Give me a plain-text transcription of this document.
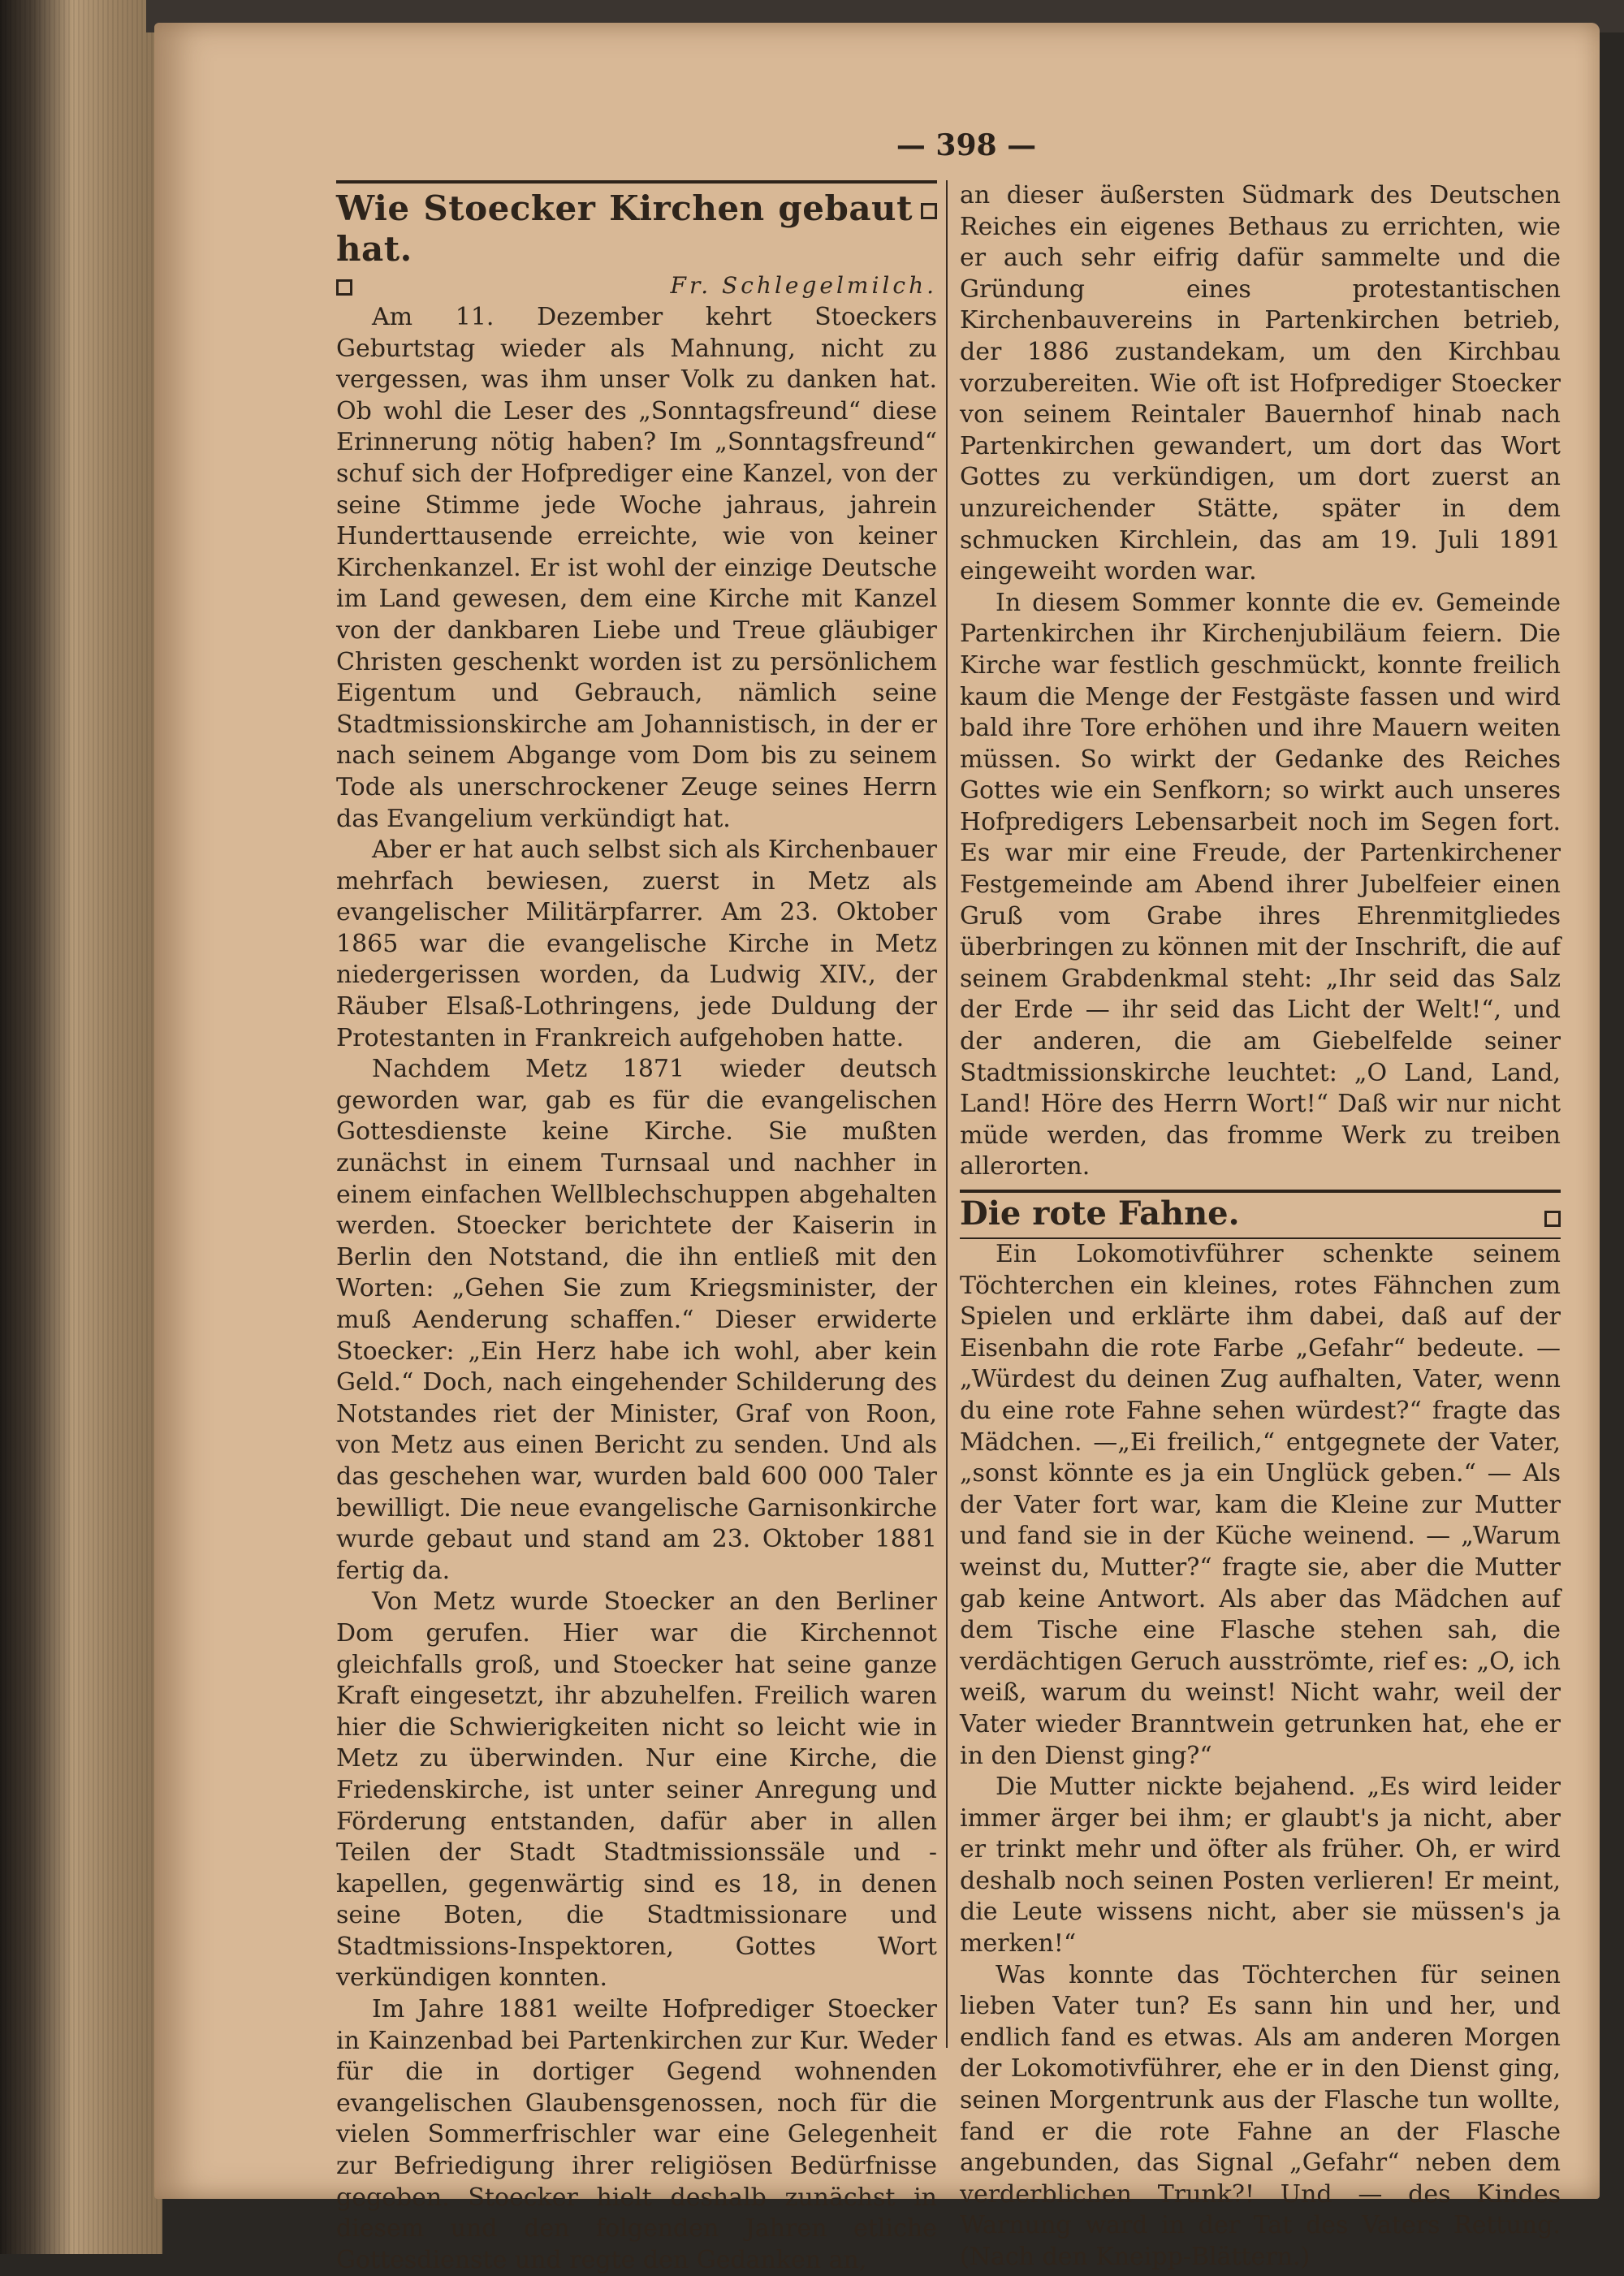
— 398 —
Wie Stoecker Kirchen gebaut hat.
Fr. Schlegelmilch.

Am 11. Dezember kehrt Stoeckers Geburtstag wieder als Mahnung, nicht zu vergessen, was ihm unser Volk zu danken hat. Ob wohl die Leser des „Sonntagsfreund“ diese Erinnerung nötig haben? Im „Sonntagsfreund“ schuf sich der Hofprediger eine Kanzel, von der seine Stimme jede Woche jahraus, jahrein Hunderttausende erreichte, wie von keiner Kirchenkanzel. Er ist wohl der einzige Deutsche im Land gewesen, dem eine Kirche mit Kanzel von der dankbaren Liebe und Treue gläubiger Christen geschenkt worden ist zu persönlichem Eigentum und Gebrauch, nämlich seine Stadtmissionskirche am Johannistisch, in der er nach seinem Abgange vom Dom bis zu seinem Tode als unerschrockener Zeuge seines Herrn das Evangelium verkündigt hat.

Aber er hat auch selbst sich als Kirchenbauer mehrfach bewiesen, zuerst in Metz als evangelischer Militärpfarrer. Am 23. Oktober 1865 war die evangelische Kirche in Metz niedergerissen worden, da Ludwig XIV., der Räuber Elsaß-Lothringens, jede Duldung der Protestanten in Frankreich aufgehoben hatte.

Nachdem Metz 1871 wieder deutsch geworden war, gab es für die evangelischen Gottesdienste keine Kirche. Sie mußten zunächst in einem Turnsaal und nachher in einem einfachen Wellblechschuppen abgehalten werden. Stoecker berichtete der Kaiserin in Berlin den Notstand, die ihn entließ mit den Worten: „Gehen Sie zum Kriegsminister, der muß Aenderung schaffen.“ Dieser erwiderte Stoecker: „Ein Herz habe ich wohl, aber kein Geld.“ Doch, nach eingehender Schilderung des Notstandes riet der Minister, Graf von Roon, von Metz aus einen Bericht zu senden. Und als das geschehen war, wurden bald 600 000 Taler bewilligt. Die neue evangelische Garnisonkirche wurde gebaut und stand am 23. Oktober 1881 fertig da.

Von Metz wurde Stoecker an den Berliner Dom gerufen. Hier war die Kirchennot gleichfalls groß, und Stoecker hat seine ganze Kraft eingesetzt, ihr abzuhelfen. Freilich waren hier die Schwierigkeiten nicht so leicht wie in Metz zu überwinden. Nur eine Kirche, die Friedenskirche, ist unter seiner Anregung und Förderung entstanden, dafür aber in allen Teilen der Stadt Stadtmissionssäle und -kapellen, gegenwärtig sind es 18, in denen seine Boten, die Stadtmissionare und Stadtmissions-Inspektoren, Gottes Wort verkündigen konnten.

Im Jahre 1881 weilte Hofprediger Stoecker in Kainzenbad bei Partenkirchen zur Kur. Weder für die in dortiger Gegend wohnenden evangelischen Glaubensgenossen, noch für die vielen Sommerfrischler war eine Gelegenheit zur Befriedigung ihrer religiösen Bedürfnisse gegeben. Stoecker hielt deshalb zunächst in diesem und den folgenden Jahren etliche Gottesdienste und regte den Gedanken an,

an dieser äußersten Südmark des Deutschen Reiches ein eigenes Bethaus zu errichten, wie er auch sehr eifrig dafür sammelte und die Gründung eines protestantischen Kirchenbauvereins in Partenkirchen betrieb, der 1886 zustandekam, um den Kirchbau vorzubereiten. Wie oft ist Hofprediger Stoecker von seinem Reintaler Bauernhof hinab nach Partenkirchen gewandert, um dort das Wort Gottes zu verkündigen, um dort zuerst an unzureichender Stätte, später in dem schmucken Kirchlein, das am 19. Juli 1891 eingeweiht worden war.

In diesem Sommer konnte die ev. Gemeinde Partenkirchen ihr Kirchenjubiläum feiern. Die Kirche war festlich geschmückt, konnte freilich kaum die Menge der Festgäste fassen und wird bald ihre Tore erhöhen und ihre Mauern weiten müssen. So wirkt der Gedanke des Reiches Gottes wie ein Senfkorn; so wirkt auch unseres Hofpredigers Lebensarbeit noch im Segen fort. Es war mir eine Freude, der Partenkirchener Festgemeinde am Abend ihrer Jubelfeier einen Gruß vom Grabe ihres Ehrenmitgliedes überbringen zu können mit der Inschrift, die auf seinem Grabdenkmal steht: „Ihr seid das Salz der Erde — ihr seid das Licht der Welt!“, und der anderen, die am Giebelfelde seiner Stadtmissionskirche leuchtet: „O Land, Land, Land! Höre des Herrn Wort!“ Daß wir nur nicht müde werden, das fromme Werk zu treiben allerorten.

Die rote Fahne.

Ein Lokomotivführer schenkte seinem Töchterchen ein kleines, rotes Fähnchen zum Spielen und erklärte ihm dabei, daß auf der Eisenbahn die rote Farbe „Gefahr“ bedeute. — „Würdest du deinen Zug aufhalten, Vater, wenn du eine rote Fahne sehen würdest?“ fragte das Mädchen. —„Ei freilich,“ entgegnete der Vater, „sonst könnte es ja ein Unglück geben.“ — Als der Vater fort war, kam die Kleine zur Mutter und fand sie in der Küche weinend. — „Warum weinst du, Mutter?“ fragte sie, aber die Mutter gab keine Antwort. Als aber das Mädchen auf dem Tische eine Flasche stehen sah, die verdächtigen Geruch ausströmte, rief es: „O, ich weiß, warum du weinst! Nicht wahr, weil der Vater wieder Branntwein getrunken hat, ehe er in den Dienst ging?“

Die Mutter nickte bejahend. „Es wird leider immer ärger bei ihm; er glaubt's ja nicht, aber er trinkt mehr und öfter als früher. Oh, er wird deshalb noch seinen Posten verlieren! Er meint, die Leute wissens nicht, aber sie müssen's ja merken!“

Was konnte das Töchterchen für seinen lieben Vater tun? Es sann hin und her, und endlich fand es etwas. Als am anderen Morgen der Lokomotivführer, ehe er in den Dienst ging, seinen Morgentrunk aus der Flasche tun wollte, fand er die rote Fahne an der Flasche angebunden, das Signal „Gefahr“ neben dem verderblichen Trunk?! Und — des Kindes Warnung ward in der Tat des Vaters Rettung. (Nach den Kneipp-Blättern.)
